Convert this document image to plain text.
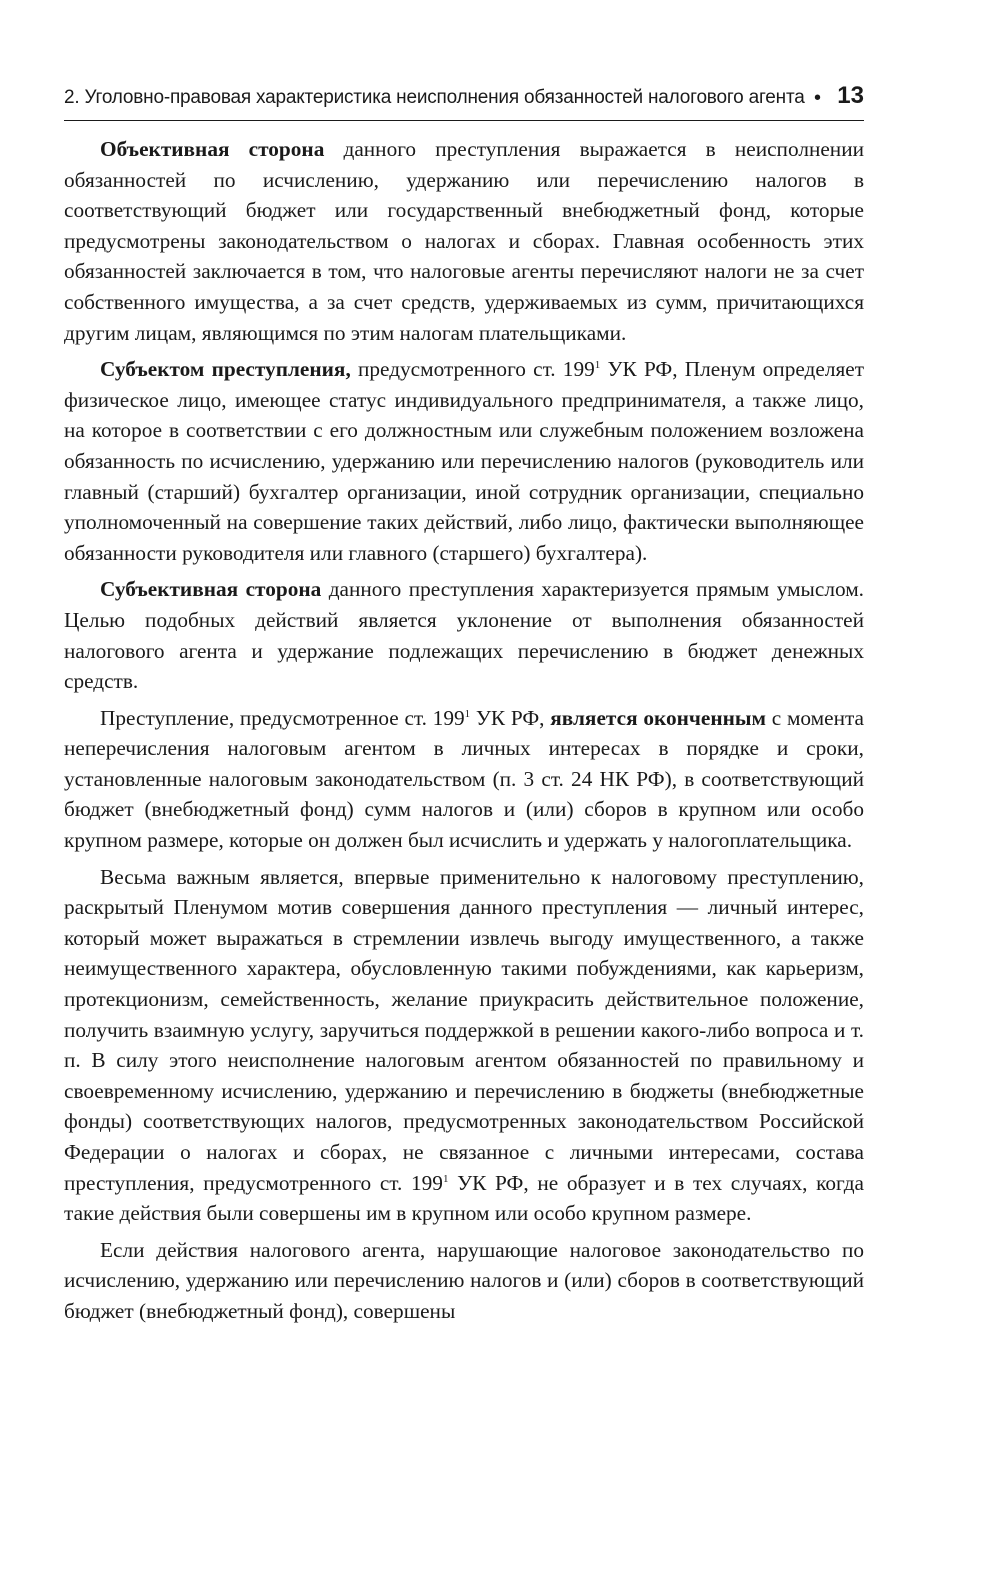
2. Уголовно-правовая характеристика неисполнения обязанностей налогового агента • 13

Объективная сторона данного преступления выражается в неисполнении обязанностей по исчислению, удержанию или перечислению налогов в соответствующий бюджет или государственный внебюджетный фонд, которые предусмотрены законодательством о налогах и сборах. Главная особенность этих обязанностей заключается в том, что налоговые агенты перечисляют налоги не за счет собственного имущества, а за счет средств, удерживаемых из сумм, причитающихся другим лицам, являющимся по этим налогам плательщиками.

Субъектом преступления, предусмотренного ст. $199^1$ УК РФ, Пленум определяет физическое лицо, имеющее статус индивидуального предпринимателя, а также лицо, на которое в соответствии с его должностным или служебным положением возложена обязанность по исчислению, удержанию или перечислению налогов (руководитель или главный (старший) бухгалтер организации, иной сотрудник организации, специально уполномоченный на совершение таких действий, либо лицо, фактически выполняющее обязанности руководителя или главного (старшего) бухгалтера).

Субъективная сторона данного преступления характеризуется прямым умыслом. Целью подобных действий является уклонение от выполнения обязанностей налогового агента и удержание подлежащих перечислению в бюджет денежных средств.

Преступление, предусмотренное ст. $199^1$ УК РФ, является оконченным с момента неперечисления налоговым агентом в личных интересах в порядке и сроки, установленные налоговым законодательством (п. 3 ст. 24 НК РФ), в соответствующий бюджет (внебюджетный фонд) сумм налогов и (или) сборов в крупном или особо крупном размере, которые он должен был исчислить и удержать у налогоплательщика.

Весьма важным является, впервые применительно к налоговому преступлению, раскрытый Пленумом мотив совершения данного преступления — личный интерес, который может выражаться в стремлении извлечь выгоду имущественного, а также неимущественного характера, обусловленную такими побуждениями, как карьеризм, протекционизм, семейственность, желание приукрасить действительное положение, получить взаимную услугу, заручиться поддержкой в решении какого-либо вопроса и т. п. В силу этого неисполнение налоговым агентом обязанностей по правильному и своевременному исчислению, удержанию и перечислению в бюджеты (внебюджетные фонды) соответствующих налогов, предусмотренных законодательством Российской Федерации о налогах и сборах, не связанное с личными интересами, состава преступления, предусмотренного ст. $199^1$ УК РФ, не образует и в тех случаях, когда такие действия были совершены им в крупном или особо крупном размере.

Если действия налогового агента, нарушающие налоговое законодательство по исчислению, удержанию или перечислению налогов и (или) сборов в соответствующий бюджет (внебюджетный фонд), совершены
